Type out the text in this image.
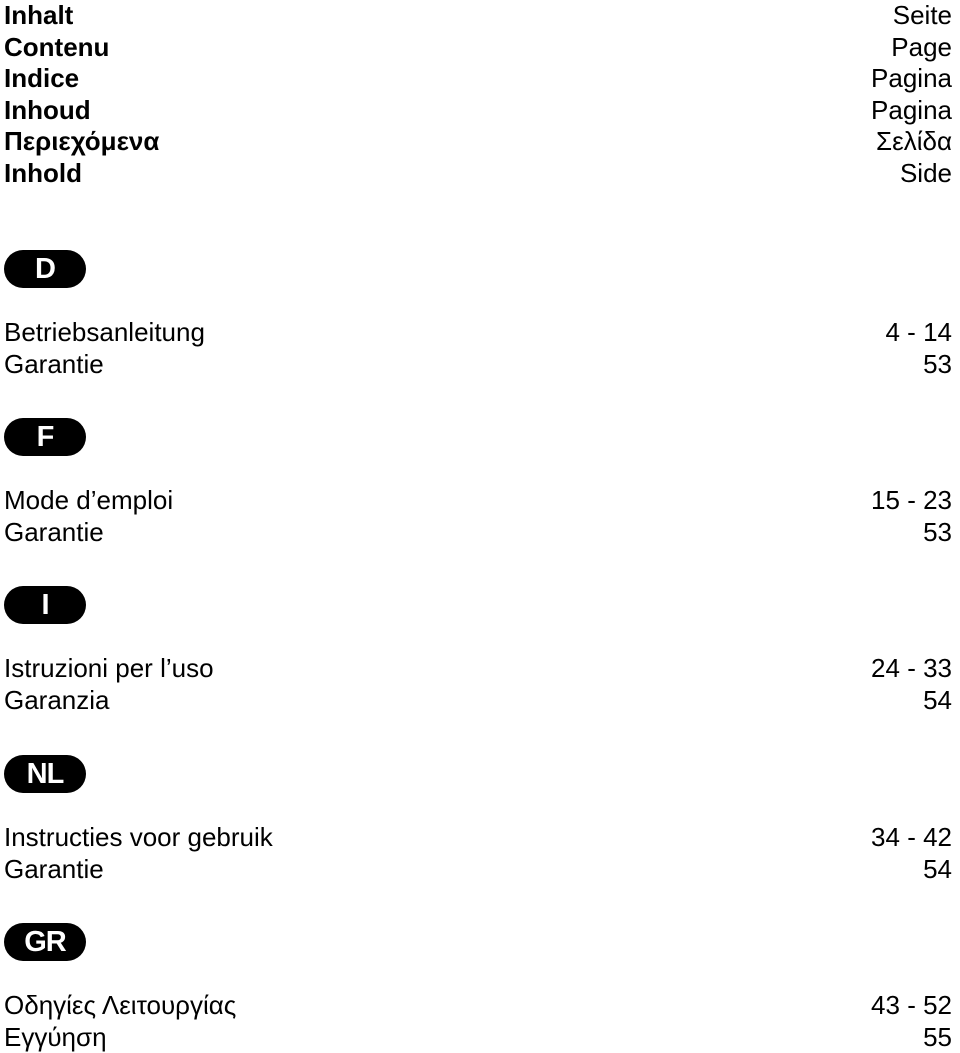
Inhalt	Seite
Contenu	Page
Indice	Pagina
Inhoud	Pagina
Περιεχόμενα	Σελίδα
Inhold	Side
D
Betriebsanleitung	4 - 14
Garantie	53
F
Mode d’emploi	15 - 23
Garantie	53
I
Istruzioni per l’uso	24 - 33
Garanzia	54
NL
Instructies voor gebruik	34 - 42
Garantie	54
GR
Οδηγίες Λειτουργίας	43 - 52
Εγγύηση	55
